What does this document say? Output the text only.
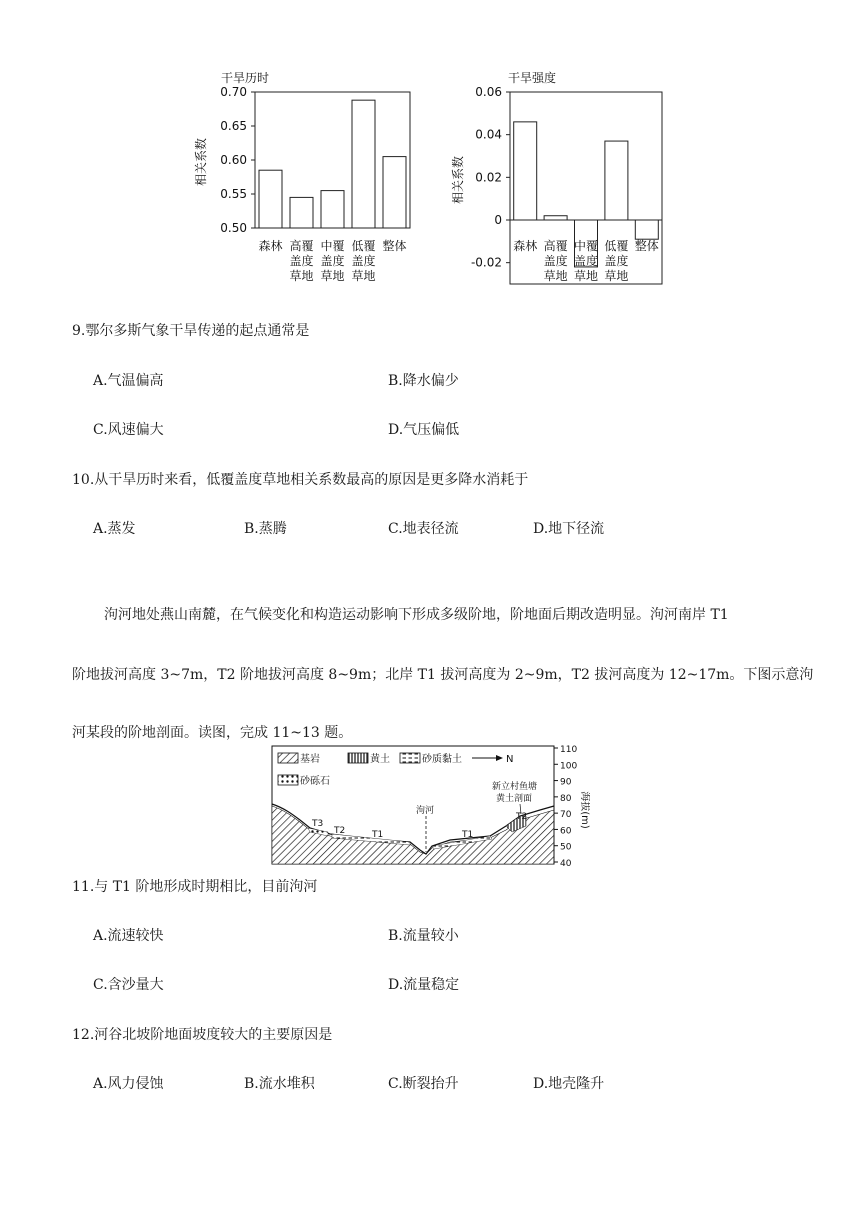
干旱历时
相关系数
0.70
0.65
0.60
0.55
0.50
森林 高覆
盖度
草地
中覆
盖度
草地
低覆
盖度
草地
整体
干旱强度
相关系数
0.06
0.04
0.02
0
-0.02
森林 高覆
盖度
草地
中覆
盖度
草地
低覆
盖度
草地
整体
9.鄂尔多斯气象干旱传递的起点通常是
A.气温偏高	B.降水偏少
C.风速偏大	D.气压偏低
10.从干旱历时来看，低覆盖度草地相关系数最高的原因是更多降水消耗于
A.蒸发	B.蒸腾	C.地表径流	D.地下径流
泃河地处燕山南麓，在气候变化和构造运动影响下形成多级阶地，阶地面后期改造明显。泃河南岸 T1
阶地拔河高度 3~7m，T2 阶地拔河高度 8~9m；北岸 T1 拔河高度为 2~9m，T2 拔河高度为 12~17m。下图示意泃
河某段的阶地剖面。读图，完成 11~13 题。
基岩	黄土	砂质黏土	N
砂砾石
T3
T2	T1
泃河
T1
T2
新立村鱼塘
黄土剖面
110
100
90
80
70
60
50
40
海拔(m)
11.与 T1 阶地形成时期相比，目前泃河
A.流速较快	B.流量较小
C.含沙量大	D.流量稳定
12.河谷北坡阶地面坡度较大的主要原因是
A.风力侵蚀	B.流水堆积	C.断裂抬升	D.地壳隆升
